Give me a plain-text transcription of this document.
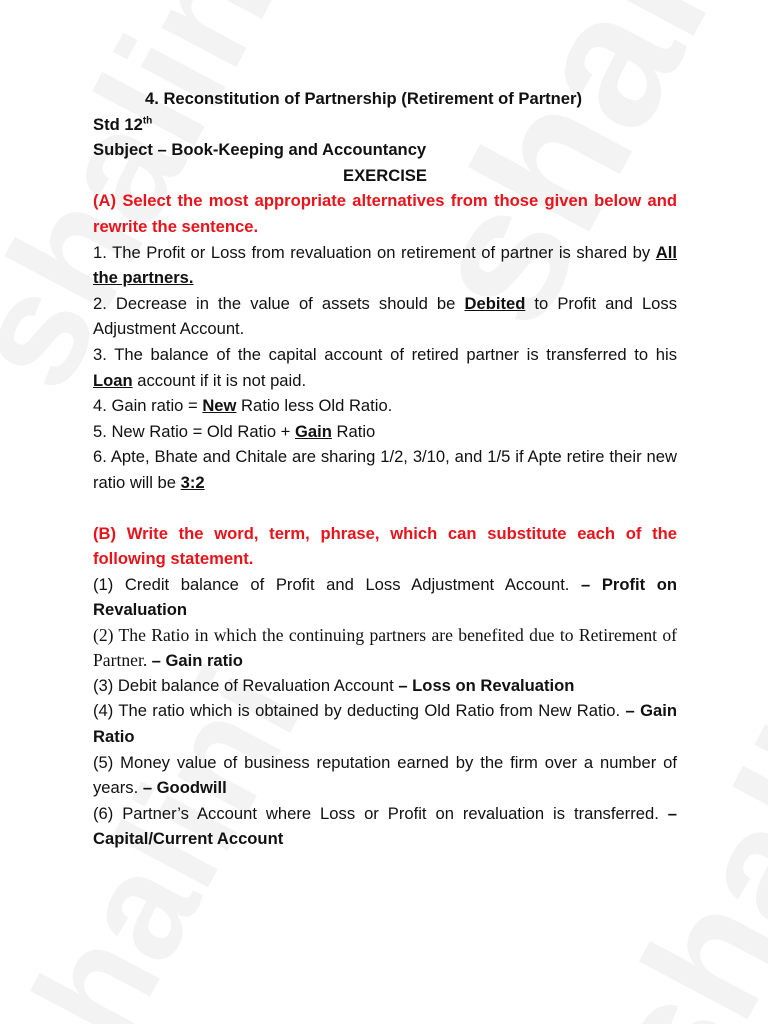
4. Reconstitution of Partnership (Retirement of Partner)
Std 12th
Subject – Book-Keeping and Accountancy
EXERCISE

(A) Select the most appropriate alternatives from those given below and rewrite the sentence.

1. The Profit or Loss from revaluation on retirement of partner is shared by All the partners.

2. Decrease in the value of assets should be Debited to Profit and Loss Adjustment Account.

3. The balance of the capital account of retired partner is transferred to his Loan account if it is not paid.

4. Gain ratio = New Ratio less Old Ratio.

5. New Ratio = Old Ratio + Gain Ratio

6. Apte, Bhate and Chitale are sharing 1/2, 3/10, and 1/5 if Apte retire their new ratio will be 3:2

(B) Write the word, term, phrase, which can substitute each of the following statement.

(1) Credit balance of Profit and Loss Adjustment Account. – Profit on Revaluation

(2) The Ratio in which the continuing partners are benefited due to Retirement of Partner. – Gain ratio

(3) Debit balance of Revaluation Account – Loss on Revaluation

(4) The ratio which is obtained by deducting Old Ratio from New Ratio. – Gain Ratio

(5) Money value of business reputation earned by the firm over a number of years. – Goodwill

(6) Partner’s Account where Loss or Profit on revaluation is transferred. – Capital/Current Account
